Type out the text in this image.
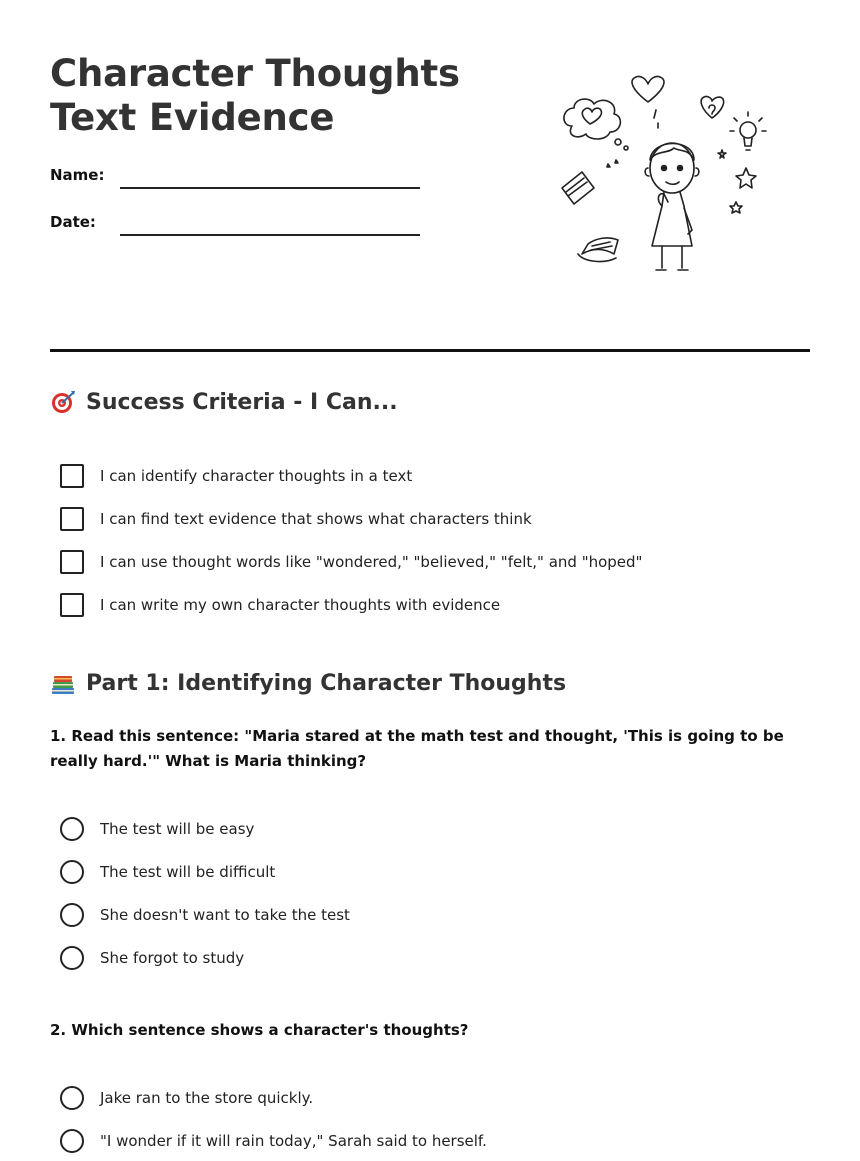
Character Thoughts Text Evidence
Name:
Date:
Success Criteria - I Can...
I can identify character thoughts in a text
I can find text evidence that shows what characters think
I can use thought words like "wondered," "believed," "felt," and "hoped"
I can write my own character thoughts with evidence
Part 1: Identifying Character Thoughts

1. Read this sentence: "Maria stared at the math test and thought, 'This is going to be really hard.'" What is Maria thinking?

The test will be easy
The test will be difficult
She doesn't want to take the test
She forgot to study

2. Which sentence shows a character's thoughts?

Jake ran to the store quickly.
"I wonder if it will rain today," Sarah said to herself.
